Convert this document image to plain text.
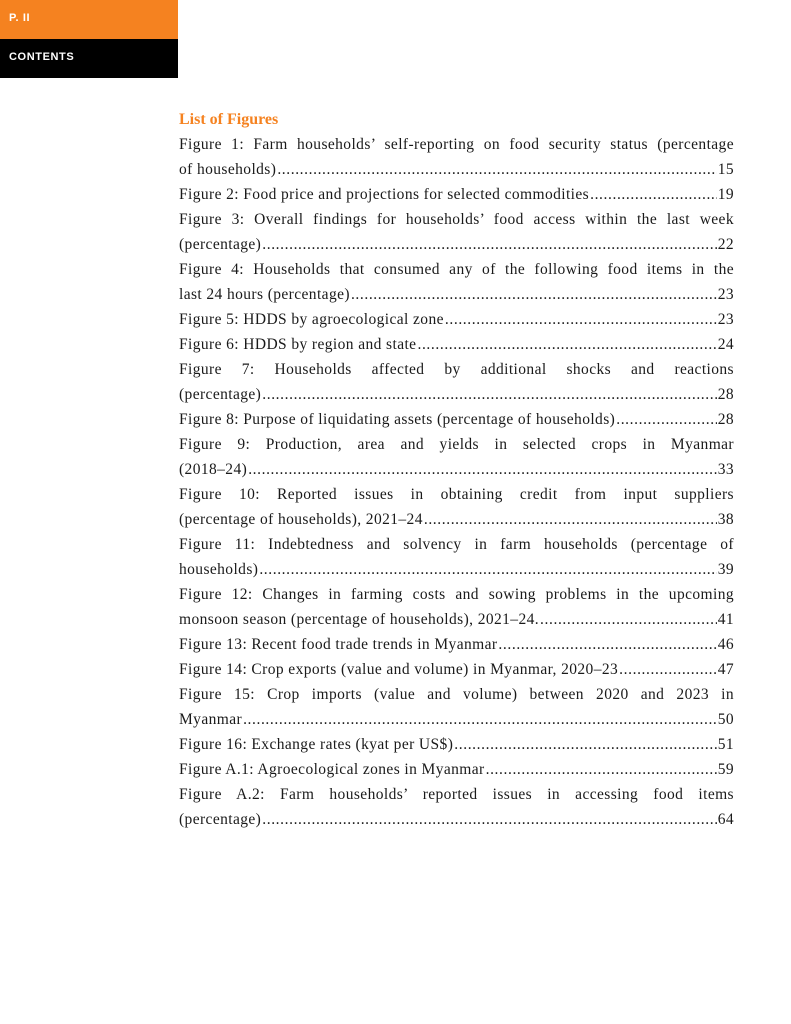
P. II
CONTENTS
List of Figures
Figure 1: Farm households’ self-reporting on food security status (percentage
of households) .....	15
Figure 2: Food price and projections for selected commodities .....	19
Figure 3: Overall findings for households’ food access within the last week
(percentage) .....	22
Figure 4: Households that consumed any of the following food items in the
last 24 hours (percentage) .....	23
Figure 5: HDDS by agroecological zone .....	23
Figure 6: HDDS by region and state .....	24
Figure 7: Households affected by additional shocks and reactions
(percentage) .....	28
Figure 8: Purpose of liquidating assets (percentage of households) .....	28
Figure 9: Production, area and yields in selected crops in Myanmar
(2018–24) .....	33
Figure 10: Reported issues in obtaining credit from input suppliers
(percentage of households), 2021–24 .....	38
Figure 11: Indebtedness and solvency in farm households (percentage of
households) .....	39
Figure 12: Changes in farming costs and sowing problems in the upcoming
monsoon season (percentage of households), 2021–24. .....	41
Figure 13: Recent food trade trends in Myanmar .....	46
Figure 14: Crop exports (value and volume) in Myanmar, 2020–23 .....	47
Figure 15: Crop imports (value and volume) between 2020 and 2023 in
Myanmar .....	50
Figure 16: Exchange rates (kyat per US$) .....	51
Figure A.1: Agroecological zones in Myanmar .....	59
Figure A.2: Farm households’ reported issues in accessing food items
(percentage) .....	64
